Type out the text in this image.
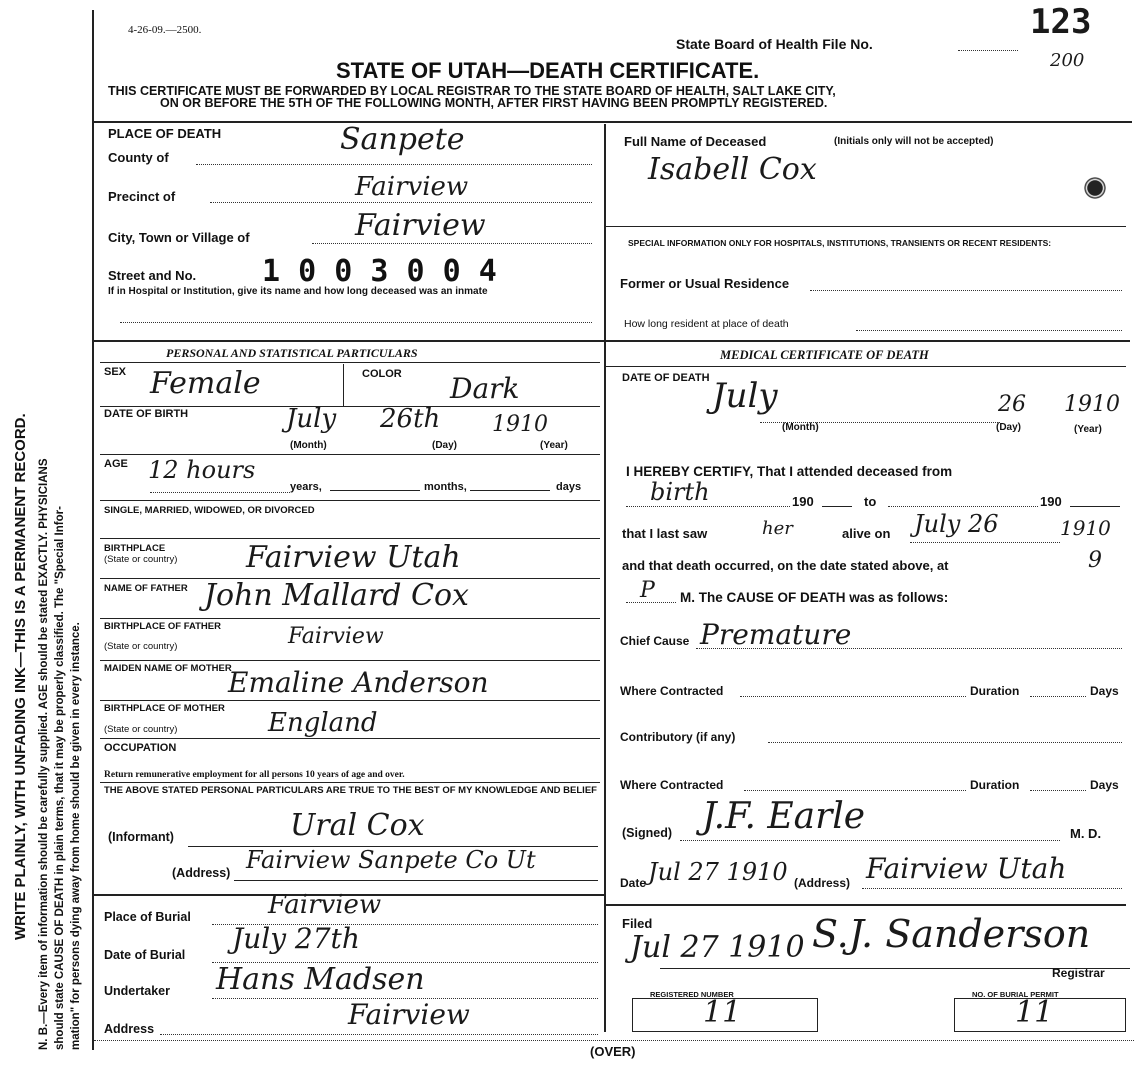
WRITE PLAINLY, WITH UNFADING INK—THIS IS A PERMANENT RECORD. N. B.—Every item of information should be carefully supplied. AGE should be stated EXACTLY. PHYSICIANS should state CAUSE OF DEATH in plain terms, that it may be properly classified. The "Special Infor- mation" for persons dying away from home should be given in every instance.
4-26-09.—2500.
State Board of Health File No.
123
200
STATE OF UTAH—DEATH CERTIFICATE.
THIS CERTIFICATE MUST BE FORWARDED BY LOCAL REGISTRAR TO THE STATE BOARD OF HEALTH, SALT LAKE CITY,
ON OR BEFORE THE 5TH OF THE FOLLOWING MONTH, AFTER FIRST HAVING BEEN PROMPTLY REGISTERED.
PLACE OF DEATH
County of
Sanpete
Precinct of	Fairview
City, Town or Village of	Fairview
Street and No. 1 0 0 3 0 0 4
If in Hospital or Institution, give its name and how long deceased was an inmate
Full Name of Deceased	(Initials only will not be accepted)
Isabell Cox
SPECIAL INFORMATION ONLY FOR HOSPITALS, INSTITUTIONS, TRANSIENTS OR RECENT RESIDENTS:
Former or Usual Residence
How long resident at place of death
PERSONAL AND STATISTICAL PARTICULARS
SEX Female	COLOR Dark
DATE OF BIRTH	July 26th 1910
(Month)	(Day)	(Year)
AGE 12 hours
years,	months,	days
SINGLE, MARRIED, WIDOWED, OR DIVORCED
BIRTHPLACE
(State or country) Fairview Utah
NAME OF FATHER John Mallard Cox
BIRTHPLACE OF FATHER
(State or country)	Fairview
MAIDEN NAME OF MOTHER
Emaline Anderson
BIRTHPLACE OF MOTHER
(State or country)	England
OCCUPATION
Return remunerative employment for all persons 10 years of age and over.
THE ABOVE STATED PERSONAL PARTICULARS ARE TRUE TO THE BEST OF MY KNOWLEDGE AND BELIEF
(Informant)	Ural Cox
(Address) Fairview Sanpete Co Ut
Place of Burial	Fairview
Date of Burial July 27th
Undertaker Hans Madsen
Address	Fairview
MEDICAL CERTIFICATE OF DEATH
DATE OF DEATH July	26 1910
(Month)	(Day)	(Year)
I HEREBY CERTIFY, That I attended deceased from
birth	190	to	190
that I last saw	her	alive on July 26	1910
and that death occurred, on the date stated above, at	9
P M. The CAUSE OF DEATH was as follows:
Chief Cause Premature
Where Contracted	Duration	Days
Contributory (if any)
Where Contracted	Duration	Days
(Signed) J.F. Earle	M. D.
Date Jul 27 1910 (Address) Fairview Utah
Filed
Jul 27 1910 S.J. Sanderson
Registrar
REGISTERED NUMBER
11
NO. OF BURIAL PERMIT
11
(OVER)
